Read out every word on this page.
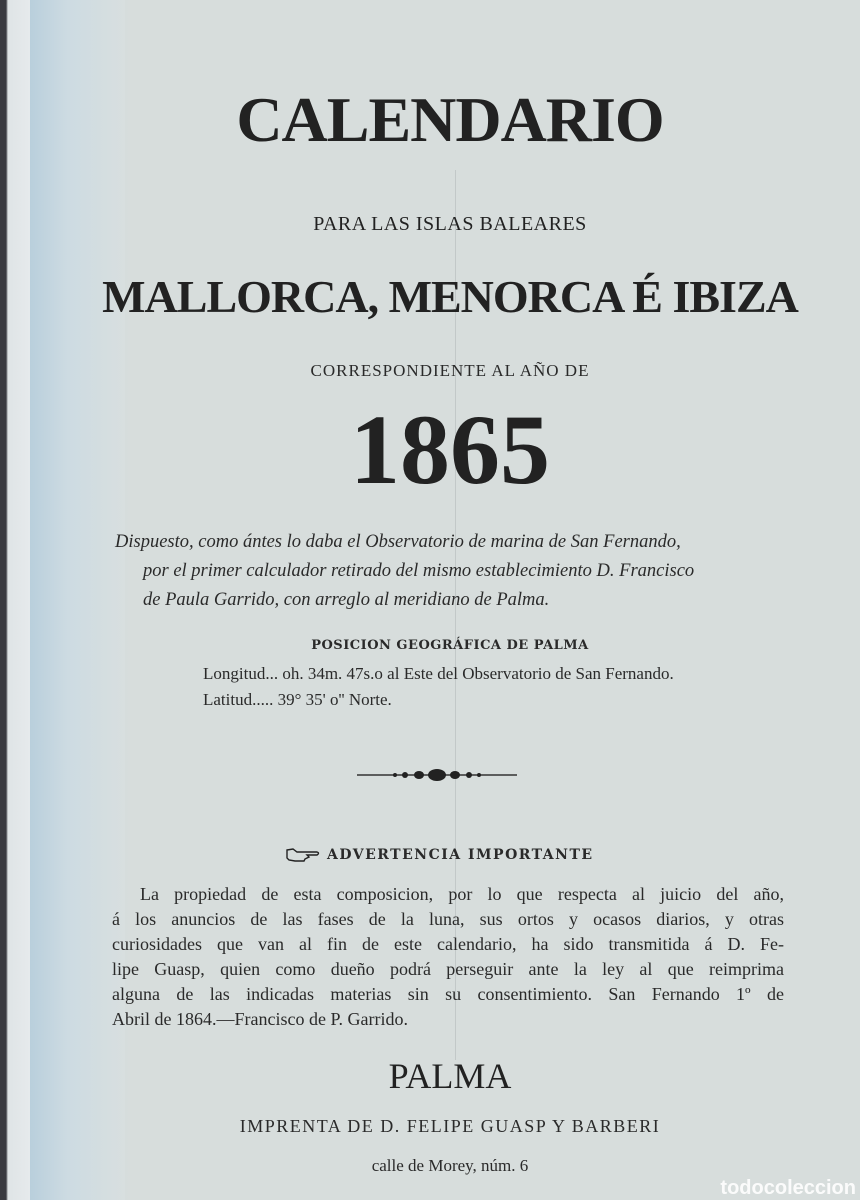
CALENDARIO
PARA LAS ISLAS BALEARES
MALLORCA, MENORCA É IBIZA
CORRESPONDIENTE AL AÑO DE
1865
Dispuesto, como ántes lo daba el Observatorio de marina de San Fernando,
por el primer calculador retirado del mismo establecimiento D. Francisco
de Paula Garrido, con arreglo al meridiano de Palma.
POSICION GEOGRÁFICA DE PALMA
Longitud... oh. 34m. 47s.o al Este del Observatorio de San Fernando.
Latitud..... 39° 35' o'' Norte.
ADVERTENCIA IMPORTANTE
La propiedad de esta composicion, por lo que respecta al juicio del año,
á los anuncios de las fases de la luna, sus ortos y ocasos diarios, y otras
curiosidades que van al fin de este calendario, ha sido transmitida á D. Fe-
lipe Guasp, quien como dueño podrá perseguir ante la ley al que reimprima
alguna de las indicadas materias sin su consentimiento. San Fernando 1º de
Abril de 1864.—Francisco de P. Garrido.
PALMA
IMPRENTA DE D. FELIPE GUASP Y BARBERI
calle de Morey, núm. 6
todocoleccion
